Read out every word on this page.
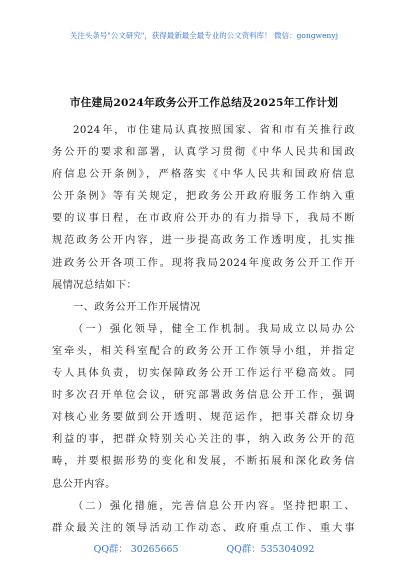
关注头条号"公文研究"，获得最新最全最专业的公文资料库！ 微信：gongwenyj
市住建局2024年政务公开工作总结及2025年工作计划
2024年，市住建局认真按照国家、省和市有关推行政
务公开的要求和部署，认真学习贯彻《中华人民共和国政
府信息公开条例》，严格落实《中华人民共和国政府信息
公开条例》等有关规定，把政务公开政府服务工作纳入重
要的议事日程，在市政府公开办的有力指导下，我局不断
规范政务公开内容，进一步提高政务工作透明度，扎实推
进政务公开各项工作。现将我局2024年度政务公开工作开
展情况总结如下：
一、政务公开工作开展情况
（一）强化领导，健全工作机制。我局成立以局办公
室牵头，相关科室配合的政务公开工作领导小组，并指定
专人具体负责，切实保障政务公开工作运行平稳高效。同
时多次召开单位会议，研究部署政务信息公开工作，强调
对核心业务要做到公开透明、规范运作，把事关群众切身
利益的事，把群众特别关心关注的事，纳入政务公开的范
畴，并要根据形势的变化和发展，不断拓展和深化政务信
息公开内容。
（二）强化措施，完善信息公开内容。坚持把职工、
群众最关注的领导活动工作动态、政府重点工作、重大事
QQ群： 30265665	QQ群：535304092
